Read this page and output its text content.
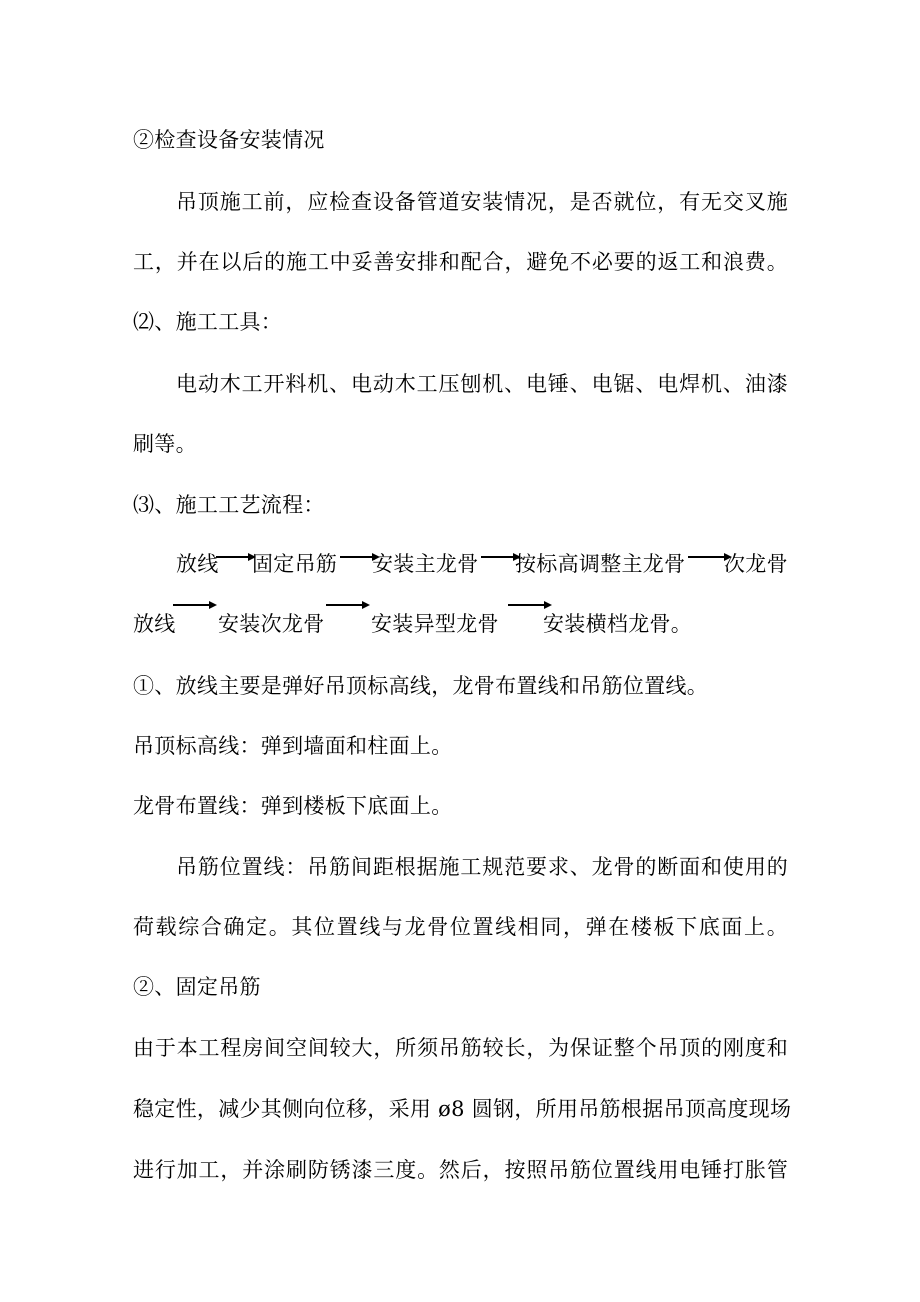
②检查设备安装情况
吊顶施工前，应检查设备管道安装情况，是否就位，有无交叉施
工，并在以后的施工中妥善安排和配合，避免不必要的返工和浪费。
⑵、施工工具：
电动木工开料机、电动木工压刨机、电锤、电锯、电焊机、油漆
刷等。
⑶、施工工艺流程：
放线 固定吊筋 安装主龙骨 按标高调整主龙骨 次龙骨
放线 安装次龙骨 安装异型龙骨 安装横档龙骨。
①、放线主要是弹好吊顶标高线，龙骨布置线和吊筋位置线。
吊顶标高线：弹到墙面和柱面上。
龙骨布置线：弹到楼板下底面上。
吊筋位置线：吊筋间距根据施工规范要求、龙骨的断面和使用的
荷载综合确定。其位置线与龙骨位置线相同，弹在楼板下底面上。
②、固定吊筋
由于本工程房间空间较大，所须吊筋较长，为保证整个吊顶的刚度和
稳定性，减少其侧向位移，采用 ø8 圆钢，所用吊筋根据吊顶高度现场
进行加工，并涂刷防锈漆三度。然后，按照吊筋位置线用电锤打胀管
